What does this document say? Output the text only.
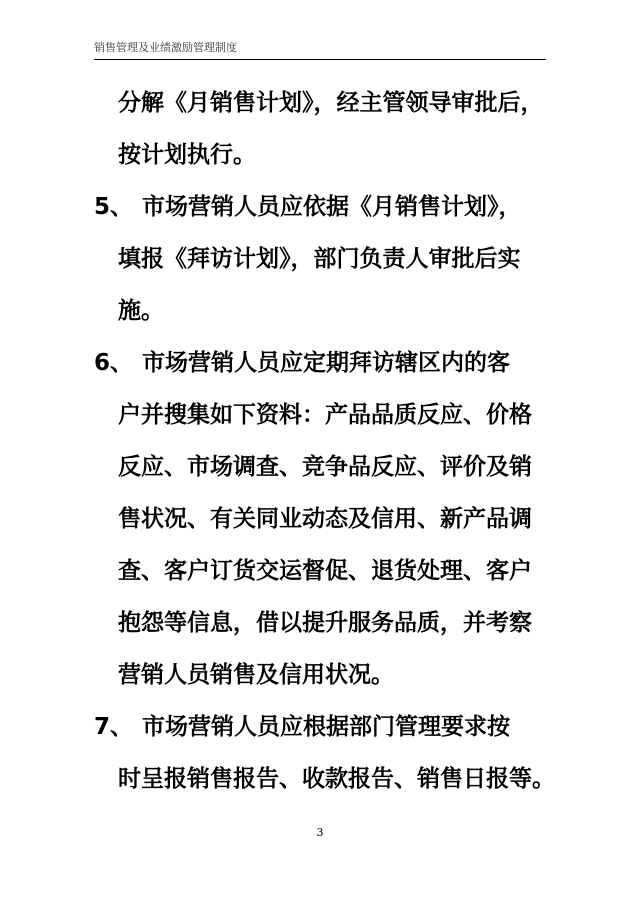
销售管理及业绩激励管理制度
分解《月销售计划》，经主管领导审批后，
按计划执行。
5、 市场营销人员应依据《月销售计划》，
填报《拜访计划》，部门负责人审批后实
施。
6、 市场营销人员应定期拜访辖区内的客
户并搜集如下资料：产品品质反应、价格
反应、市场调查、竞争品反应、评价及销
售状况、有关同业动态及信用、新产品调
查、客户订货交运督促、退货处理、客户
抱怨等信息，借以提升服务品质，并考察
营销人员销售及信用状况。
7、 市场营销人员应根据部门管理要求按
时呈报销售报告、收款报告、销售日报等。
3
